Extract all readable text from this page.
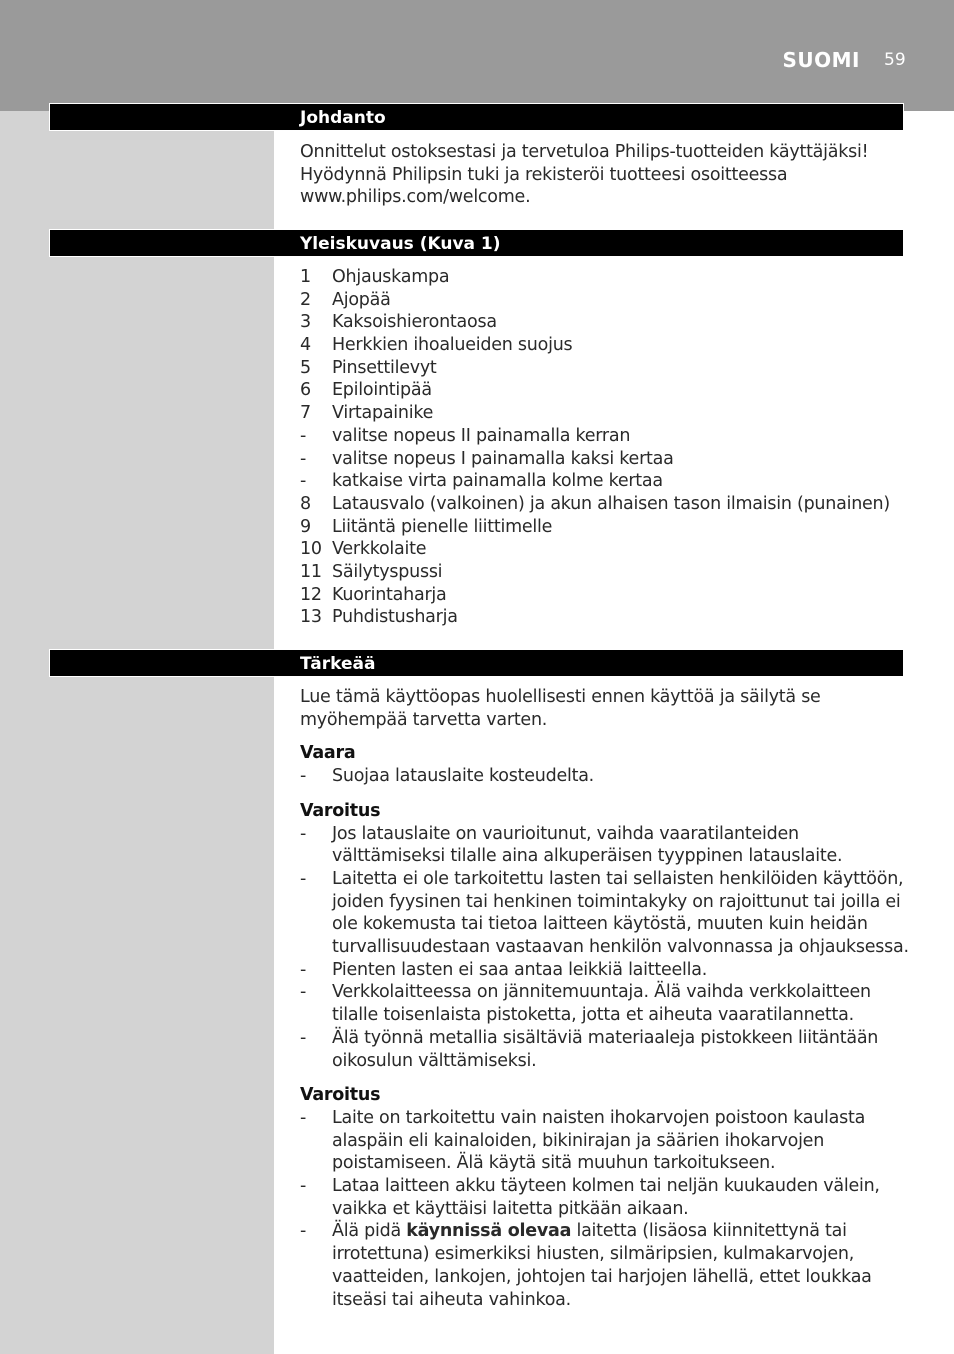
SUOMI 59
Johdanto

Onnittelut ostoksestasi ja tervetuloa Philips-tuotteiden käyttäjäksi!

Hyödynnä Philipsin tuki ja rekisteröi tuotteesi osoitteessa

www.philips.com/welcome.

Yleiskuvaus (Kuva 1)
1 Ohjauskampa
2 Ajopää
3 Kaksoishierontaosa
4 Herkkien ihoalueiden suojus
5 Pinsettilevyt
6 Epilointipää
7 Virtapainike
- valitse nopeus II painamalla kerran
- valitse nopeus I painamalla kaksi kertaa
- katkaise virta painamalla kolme kertaa
8 Latausvalo (valkoinen) ja akun alhaisen tason ilmaisin (punainen)
9 Liitäntä pienelle liittimelle
10 Verkkolaite
11 Säilytyspussi
12 Kuorintaharja
13 Puhdistusharja
Tärkeää

Lue tämä käyttöopas huolellisesti ennen käyttöä ja säilytä se myöhempää tarvetta varten.

Vaara

- Suojaa latauslaite kosteudelta.

Varoitus

- Jos latauslaite on vaurioitunut, vaihda vaaratilanteiden välttämiseksi tilalle aina alkuperäisen tyyppinen latauslaite.
- Laitetta ei ole tarkoitettu lasten tai sellaisten henkilöiden käyttöön, joiden fyysinen tai henkinen toimintakyky on rajoittunut tai joilla ei ole kokemusta tai tietoa laitteen käytöstä, muuten kuin heidän turvallisuudestaan vastaavan henkilön valvonnassa ja ohjauksessa.
- Pienten lasten ei saa antaa leikkiä laitteella.
- Verkkolaitteessa on jännitemuuntaja. Älä vaihda verkkolaitteen tilalle toisenlaista pistoketta, jotta et aiheuta vaaratilannetta.
- Älä työnnä metallia sisältäviä materiaaleja pistokkeen liitäntään oikosulun välttämiseksi.

Varoitus

- Laite on tarkoitettu vain naisten ihokarvojen poistoon kaulasta alaspäin eli kainaloiden, bikinirajan ja säärien ihokarvojen poistamiseen. Älä käytä sitä muuhun tarkoitukseen.
- Lataa laitteen akku täyteen kolmen tai neljän kuukauden välein, vaikka et käyttäisi laitetta pitkään aikaan.
- Älä pidä käynnissä olevaa laitetta (lisäosa kiinnitettynä tai irrotettuna) esimerkiksi hiusten, silmäripsien, kulmakarvojen, vaatteiden, lankojen, johtojen tai harjojen lähellä, ettet loukkaa itseäsi tai aiheuta vahinkoa.
